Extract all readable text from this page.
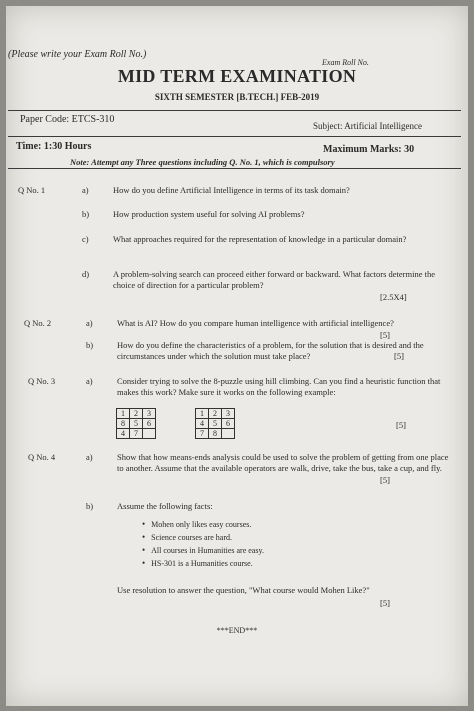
(Please write your Exam Roll No.)
Exam Roll No.
MID TERM EXAMINATION
SIXTH SEMESTER [B.TECH.] FEB-2019
Paper Code: ETCS-310
Subject: Artificial Intelligence
Time: 1:30 Hours	Maximum Marks: 30
Note: Attempt any Three questions including Q. No. 1, which is compulsory
Q No. 1	a)	How do you define Artificial Intelligence in terms of its task domain?
b)	How production system useful for solving AI problems?
c)	What approaches required for the representation of knowledge in a particular domain?
d)	A problem-solving search can proceed either forward or backward. What factors determine the choice of direction for a particular problem?
[2.5X4]
Q No. 2	a)	What is AI? How do you compare human intelligence with artificial intelligence?
[5]
b)	How do you define the characteristics of a problem, for the solution that is desired and the circumstances under which the solution must take place?	[5]
Q No. 3	a)	Consider trying to solve the 8-puzzle using hill climbing. Can you find a heuristic function that makes this work? Make sure it works on the following example:
1	2	3
8	5	6
4	7	
1	2	3
4	5	6
7	8	
[5]
Q No. 4	a)	Show that how means-ends analysis could be used to solve the problem of getting from one place to another. Assume that the available operators are walk, drive, take the bus, take a cup, and fly.
[5]
b)	Assume the following facts:
• Mohen only likes easy courses.
• Science courses are hard.
• All courses in Humanities are easy.
• HS-301 is a Humanities course.
Use resolution to answer the question, "What course would Mohen Like?"
[5]
***END***
